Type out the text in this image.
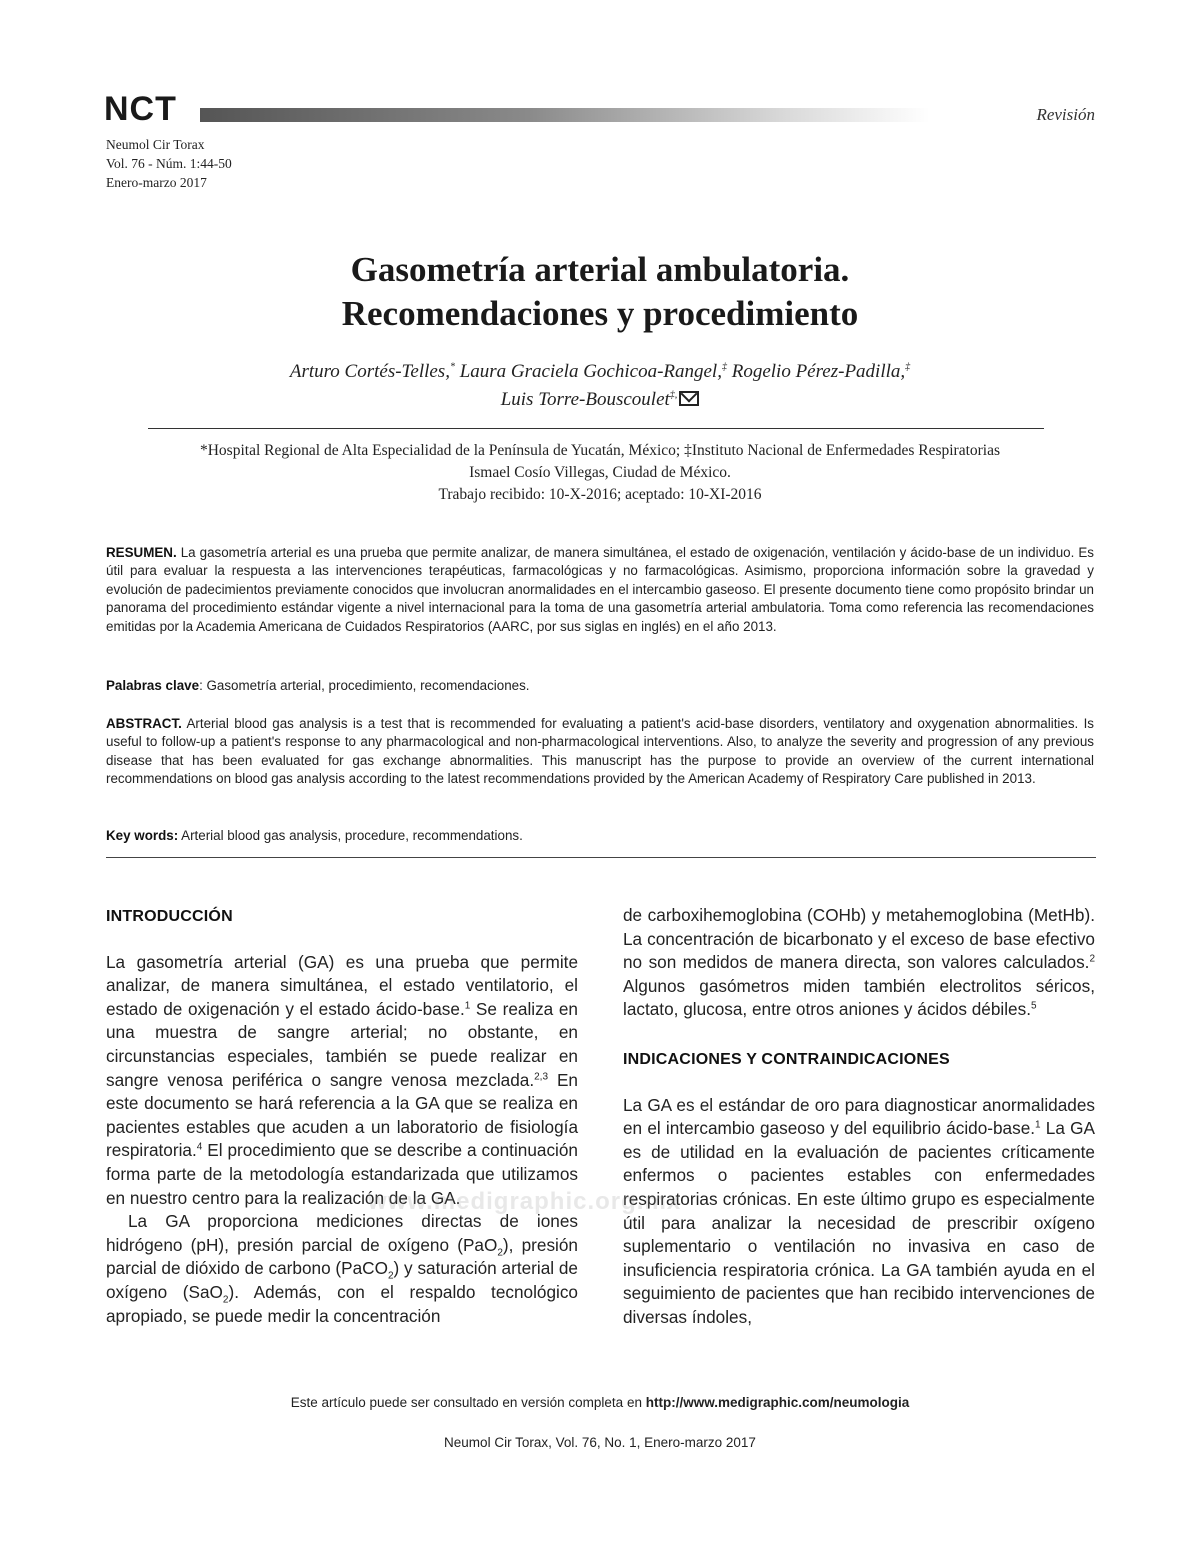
NCT
Neumol Cir Torax
Vol. 76 - Núm. 1:44-50
Enero-marzo 2017
Revisión
Gasometría arterial ambulatoria.
Recomendaciones y procedimiento
Arturo Cortés-Telles,* Laura Graciela Gochicoa-Rangel,‡ Rogelio Pérez-Padilla,‡
Luis Torre-Bouscoulet‡,
*Hospital Regional de Alta Especialidad de la Península de Yucatán, México; ‡Instituto Nacional de Enfermedades Respiratorias
Ismael Cosío Villegas, Ciudad de México.
Trabajo recibido: 10-X-2016; aceptado: 10-XI-2016
RESUMEN. La gasometría arterial es una prueba que permite analizar, de manera simultánea, el estado de oxigenación, ventilación y ácido-base de un individuo. Es útil para evaluar la respuesta a las intervenciones terapéuticas, farmacológicas y no farmacológicas. Asimismo, proporciona información sobre la gravedad y evolución de padecimientos previamente conocidos que involucran anormalidades en el intercambio gaseoso. El presente documento tiene como propósito brindar un panorama del procedimiento estándar vigente a nivel internacional para la toma de una gasometría arterial ambulatoria. Toma como referencia las recomendaciones emitidas por la Academia Americana de Cuidados Respiratorios (AARC, por sus siglas en inglés) en el año 2013.
Palabras clave: Gasometría arterial, procedimiento, recomendaciones.
ABSTRACT. Arterial blood gas analysis is a test that is recommended for evaluating a patient's acid-base disorders, ventilatory and oxygenation abnormalities. Is useful to follow-up a patient's response to any pharmacological and non-pharmacological interventions. Also, to analyze the severity and progression of any previous disease that has been evaluated for gas exchange abnormalities. This manuscript has the purpose to provide an overview of the current international recommendations on blood gas analysis according to the latest recommendations provided by the American Academy of Respiratory Care published in 2013.
Key words: Arterial blood gas analysis, procedure, recommendations.
INTRODUCCIÓN

La gasometría arterial (GA) es una prueba que permite analizar, de manera simultánea, el estado ventilatorio, el estado de oxigenación y el estado ácido-base.$^1$ Se realiza en una muestra de sangre arterial; no obstante, en circunstancias especiales, también se puede realizar en sangre venosa periférica o sangre venosa mezclada.$^{2,3}$ En este documento se hará referencia a la GA que se realiza en pacientes estables que acuden a un laboratorio de fisiología respiratoria.$^4$ El procedimiento que se describe a continuación forma parte de la metodología estandarizada que utilizamos en nuestro centro para la realización de la GA.

La GA proporciona mediciones directas de iones hidrógeno (pH), presión parcial de oxígeno (PaO$_2$), presión parcial de dióxido de carbono (PaCO$_2$) y saturación arterial de oxígeno (SaO$_2$). Además, con el respaldo tecnológico apropiado, se puede medir la concentración

de carboxihemoglobina (COHb) y metahemoglobina (MetHb). La concentración de bicarbonato y el exceso de base efectivo no son medidos de manera directa, son valores calculados.$^2$ Algunos gasómetros miden también electrolitos séricos, lactato, glucosa, entre otros aniones y ácidos débiles.$^5$

INDICACIONES Y CONTRAINDICACIONES

La GA es el estándar de oro para diagnosticar anormalidades en el intercambio gaseoso y del equilibrio ácido-base.$^1$ La GA es de utilidad en la evaluación de pacientes críticamente enfermos o pacientes estables con enfermedades respiratorias crónicas. En este último grupo es especialmente útil para analizar la necesidad de prescribir oxígeno suplementario o ventilación no invasiva en caso de insuficiencia respiratoria crónica. La GA también ayuda en el seguimiento de pacientes que han recibido intervenciones de diversas índoles,

www.medigraphic.org.mx
Este artículo puede ser consultado en versión completa en http://www.medigraphic.com/neumologia
Neumol Cir Torax, Vol. 76, No. 1, Enero-marzo 2017
